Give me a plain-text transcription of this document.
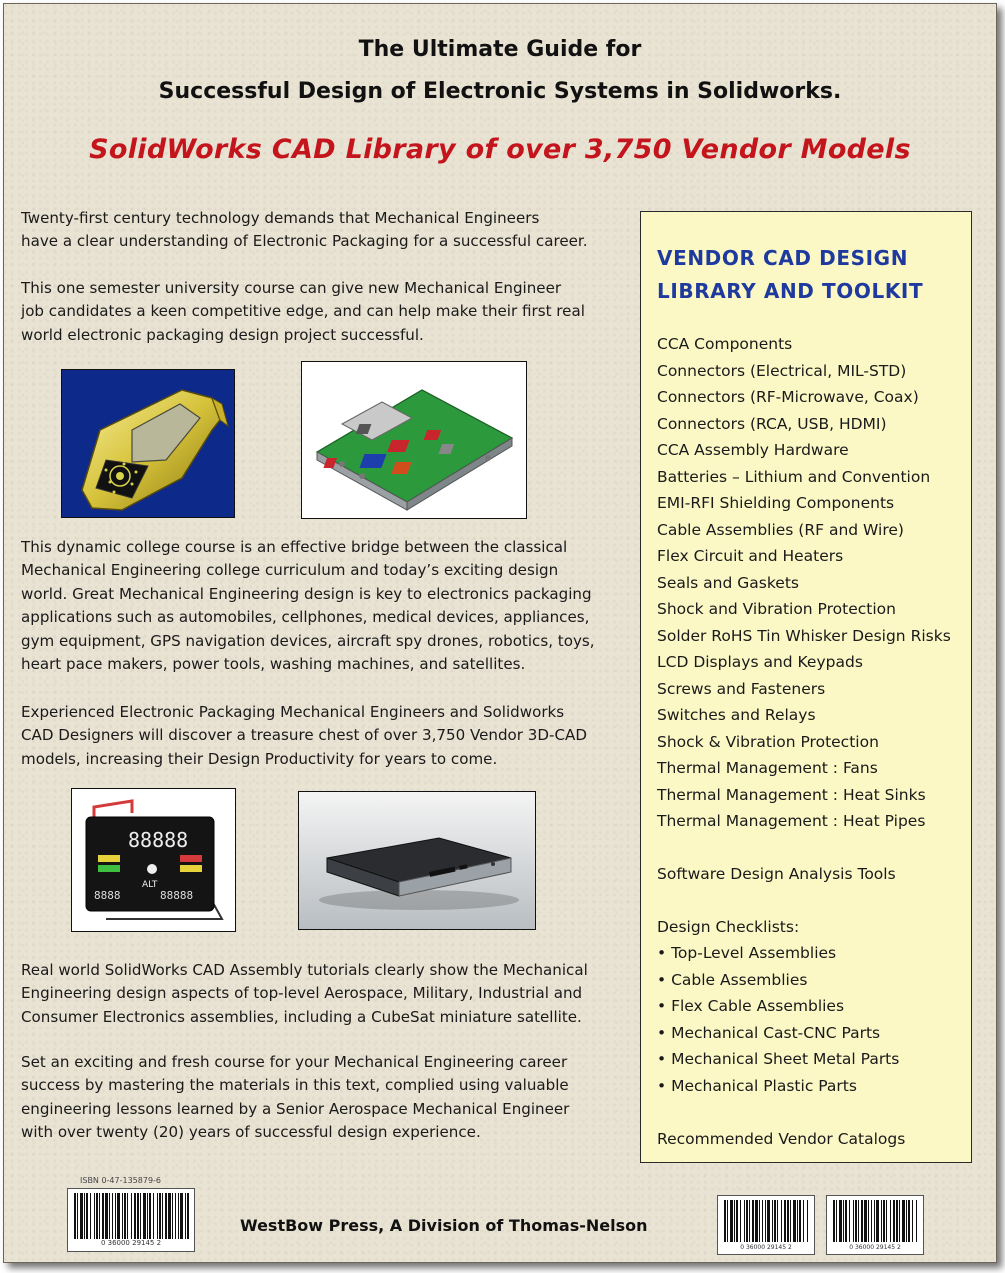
The Ultimate Guide for
Successful Design of Electronic Systems in Solidworks.
SolidWorks CAD Library of over 3,750 Vendor Models
Twenty-first century technology demands that Mechanical Engineers
have a clear understanding of Electronic Packaging for a successful career.
This one semester university course can give new Mechanical Engineer
job candidates a keen competitive edge, and can help make their first real
world electronic packaging design project successful.
This dynamic college course is an effective bridge between the classical
Mechanical Engineering college curriculum and today’s exciting design
world. Great Mechanical Engineering design is key to electronics packaging
applications such as automobiles, cellphones, medical devices, appliances,
gym equipment, GPS navigation devices, aircraft spy drones, robotics, toys,
heart pace makers, power tools, washing machines, and satellites.
Experienced Electronic Packaging Mechanical Engineers and Solidworks
CAD Designers will discover a treasure chest of over 3,750 Vendor 3D-CAD
models, increasing their Design Productivity for years to come.
88888
ALT
8888	88888
Real world SolidWorks CAD Assembly tutorials clearly show the Mechanical
Engineering design aspects of top-level Aerospace, Military, Industrial and
Consumer Electronics assemblies, including a CubeSat miniature satellite.
Set an exciting and fresh course for your Mechanical Engineering career
success by mastering the materials in this text, complied using valuable
engineering lessons learned by a Senior Aerospace Mechanical Engineer
with over twenty (20) years of successful design experience.
VENDOR CAD DESIGN
LIBRARY AND TOOLKIT
CCA Components
Connectors (Electrical, MIL-STD)
Connectors (RF-Microwave, Coax)
Connectors (RCA, USB, HDMI)
CCA Assembly Hardware
Batteries – Lithium and Convention
EMI-RFI Shielding Components
Cable Assemblies (RF and Wire)
Flex Circuit and Heaters
Seals and Gaskets
Shock and Vibration Protection
Solder RoHS Tin Whisker Design Risks
LCD Displays and Keypads
Screws and Fasteners
Switches and Relays
Shock & Vibration Protection
Thermal Management : Fans
Thermal Management : Heat Sinks
Thermal Management : Heat Pipes
Software Design Analysis Tools
Design Checklists:
• Top-Level Assemblies
• Cable Assemblies
• Flex Cable Assemblies
• Mechanical Cast-CNC Parts
• Mechanical Sheet Metal Parts
• Mechanical Plastic Parts
Recommended Vendor Catalogs
ISBN 0-47-135879-6
0 36000 29145 2
WestBow Press, A Division of Thomas-Nelson
0 36000 29145 2	0 36000 29145 2
